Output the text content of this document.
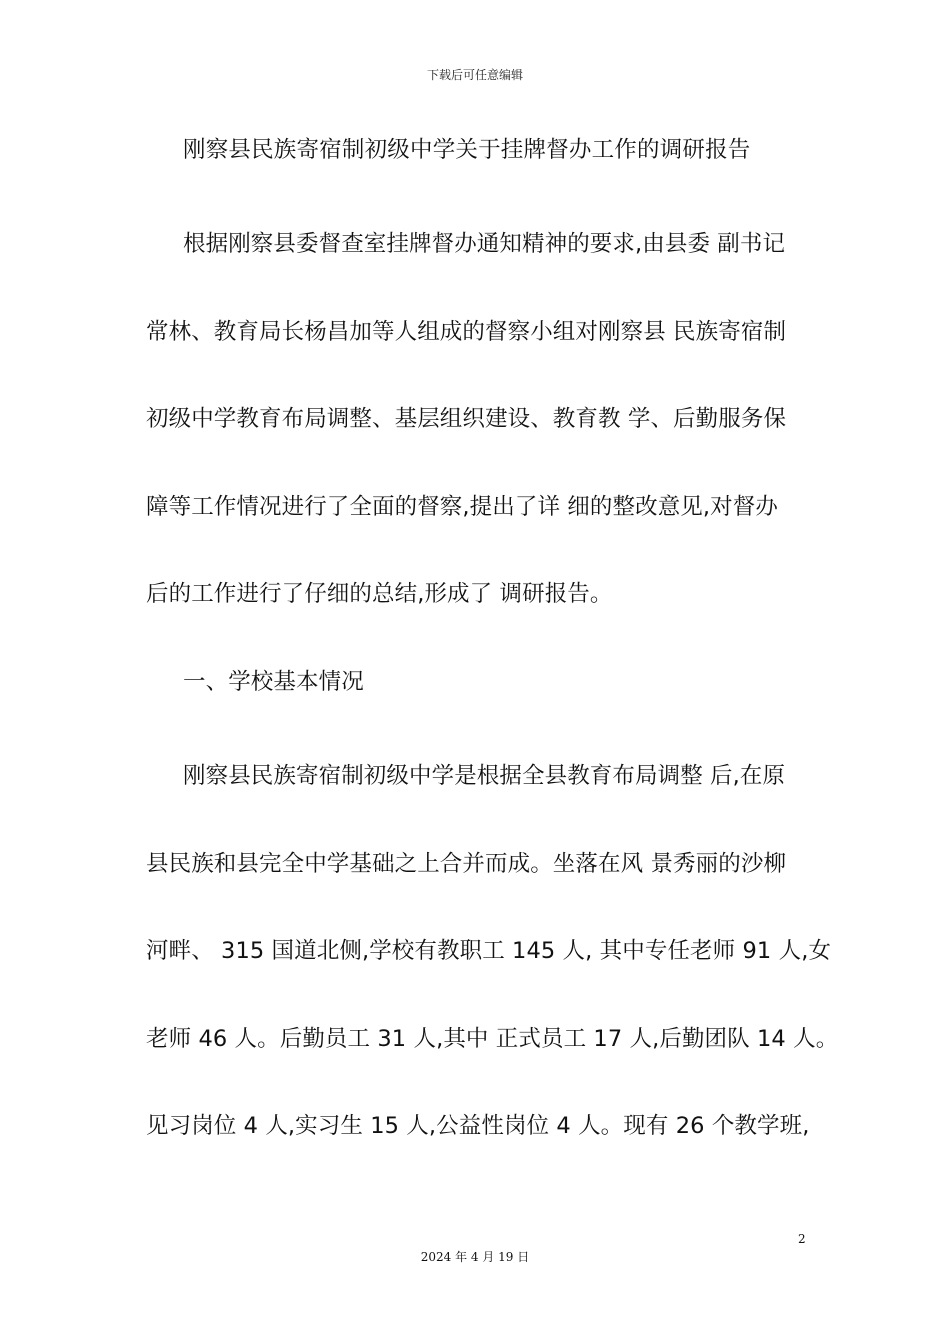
下载后可任意编辑
刚察县民族寄宿制初级中学关于挂牌督办工作的调研报告
根据刚察县委督查室挂牌督办通知精神的要求,由县委 副书记
常林、教育局长杨昌加等人组成的督察小组对刚察县 民族寄宿制
初级中学教育布局调整、基层组织建设、教育教 学、后勤服务保
障等工作情况进行了全面的督察,提出了详 细的整改意见,对督办
后的工作进行了仔细的总结,形成了 调研报告。
一、学校基本情况
刚察县民族寄宿制初级中学是根据全县教育布局调整 后,在原
县民族和县完全中学基础之上合并而成。坐落在风 景秀丽的沙柳
河畔、 315 国道北侧,学校有教职工 145 人, 其中专任老师 91 人,女
老师 46 人。后勤员工 31 人,其中 正式员工 17 人,后勤团队 14 人。
见习岗位 4 人,实习生 15 人,公益性岗位 4 人。现有 26 个教学班,
2
2024 年 4 月 19 日
